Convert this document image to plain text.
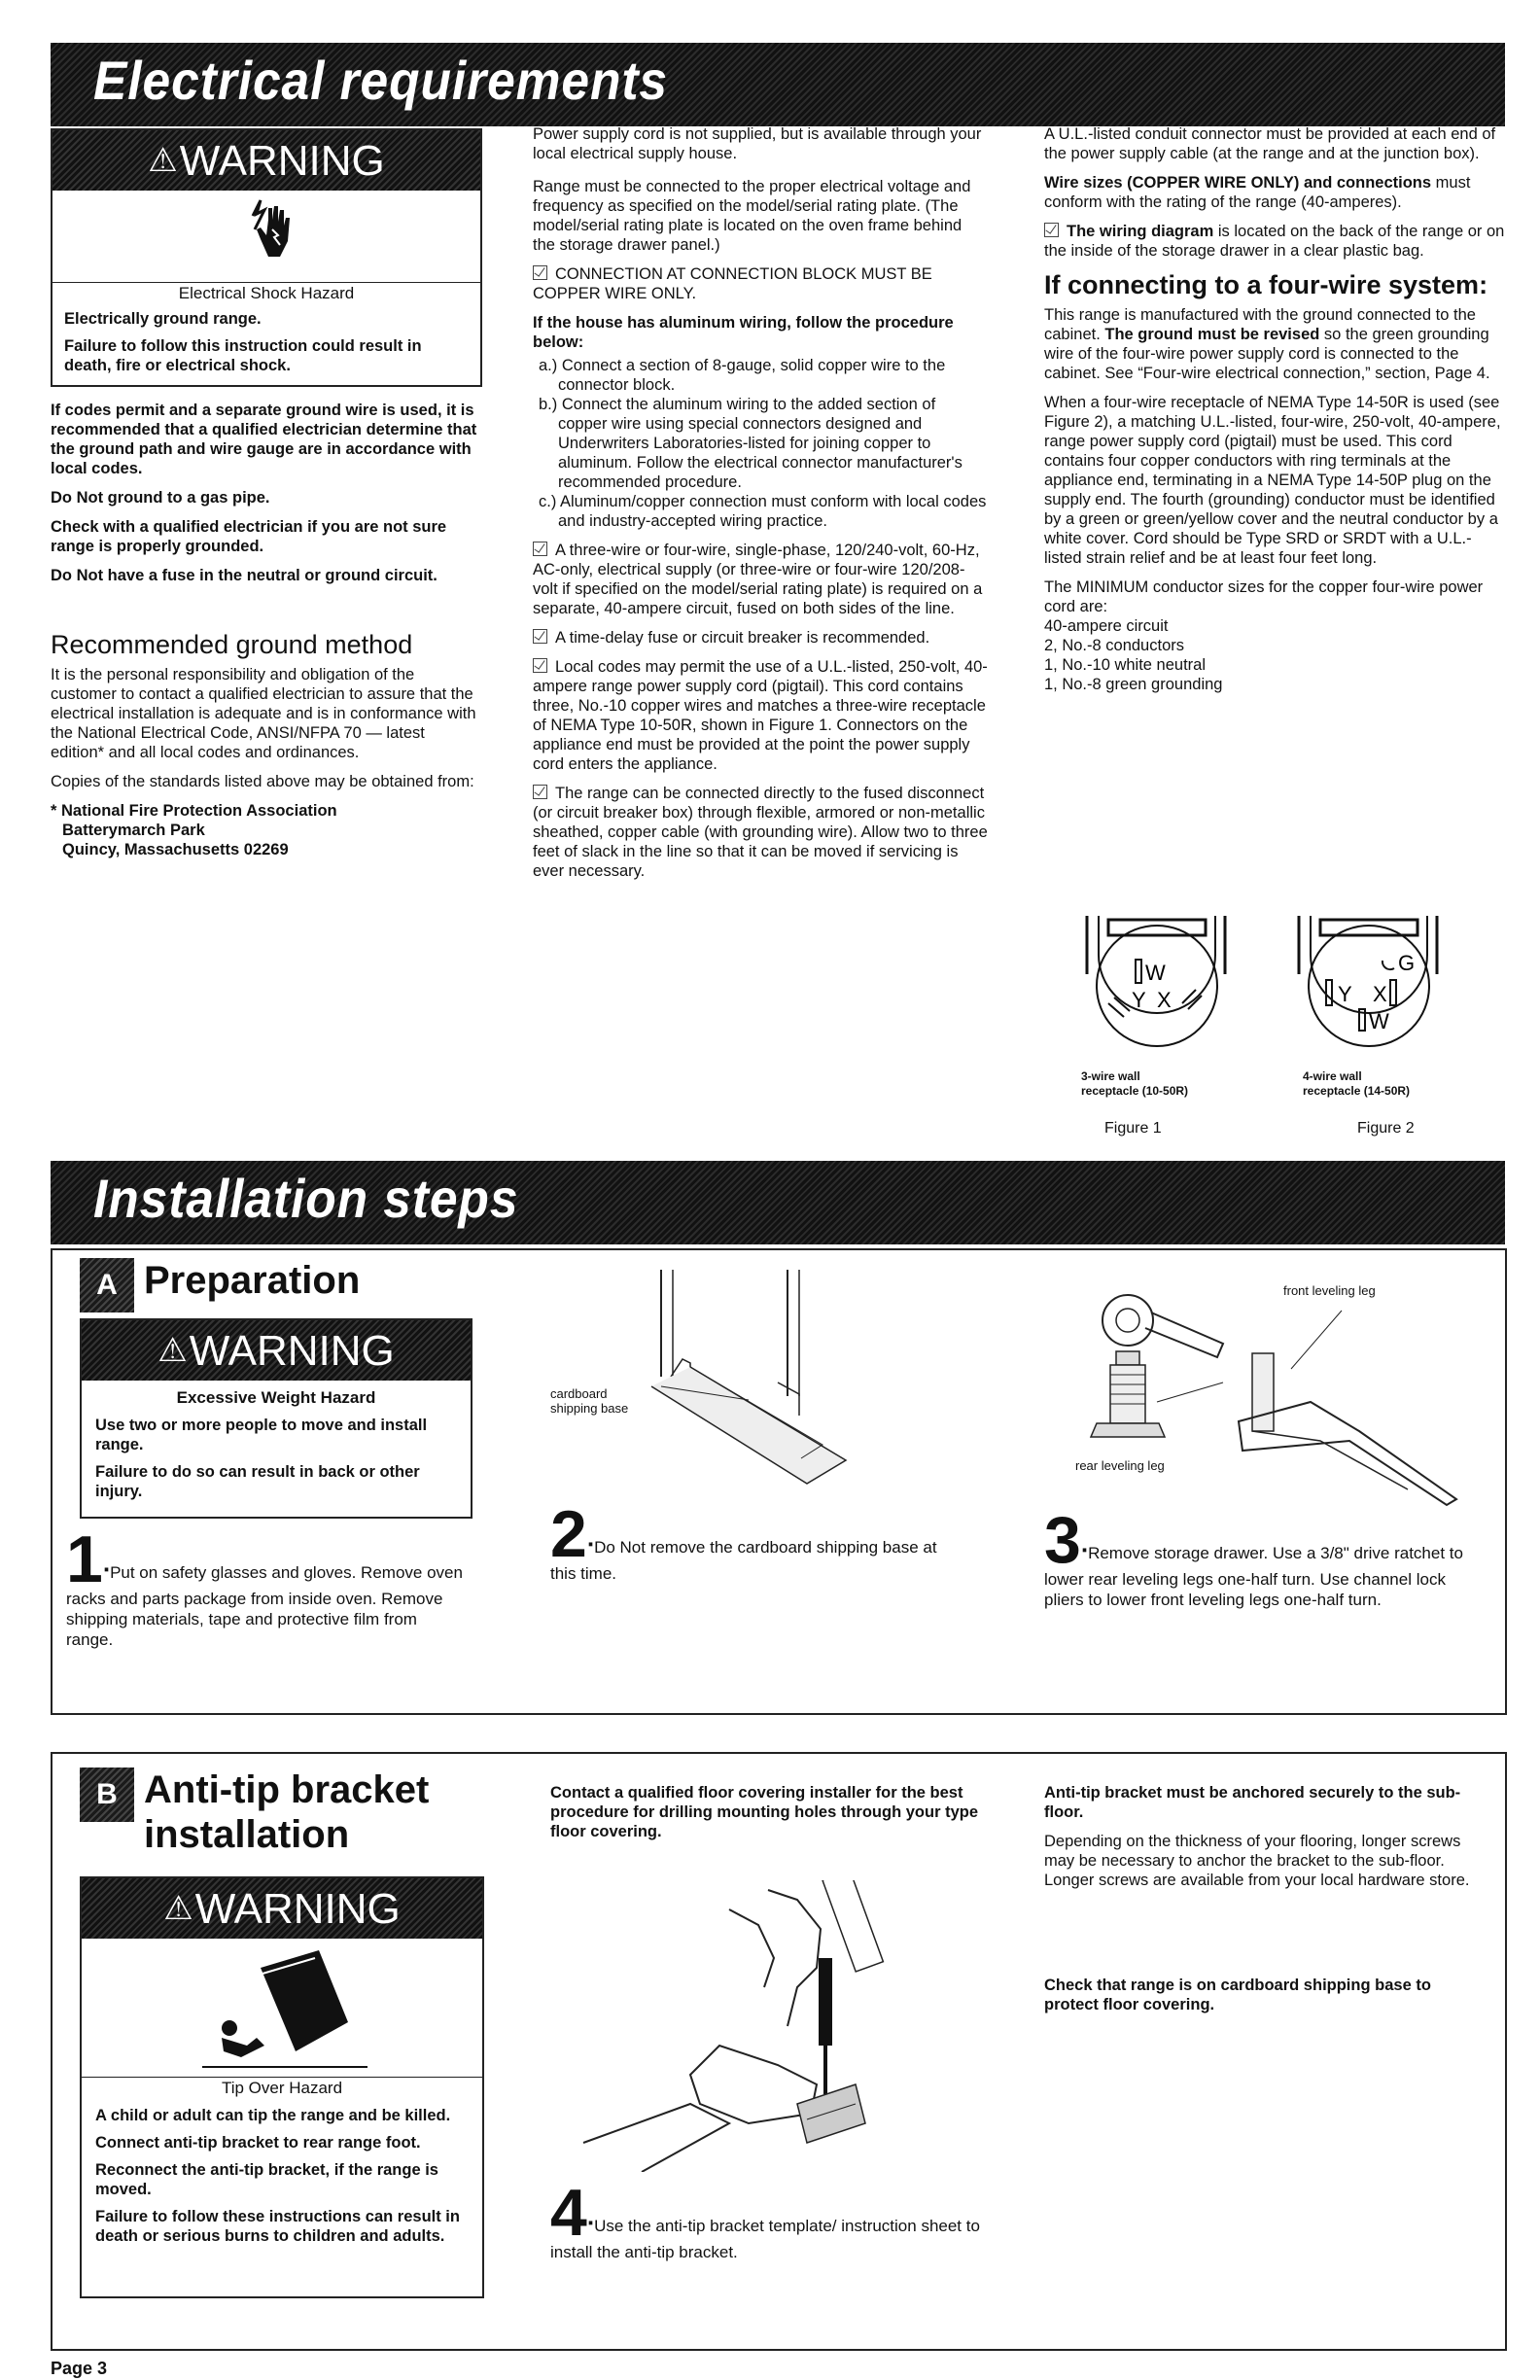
Electrical requirements
⚠WARNING
Electrical Shock Hazard

Electrically ground range.

Failure to follow this instruction could result in death, fire or electrical shock.

If codes permit and a separate ground wire is used, it is recommended that a qualified electrician determine that the ground path and wire gauge are in accordance with local codes.

Do Not ground to a gas pipe.

Check with a qualified electrician if you are not sure range is properly grounded.

Do Not have a fuse in the neutral or ground circuit.

Recommended ground method

It is the personal responsibility and obligation of the customer to contact a qualified electrician to assure that the electrical installation is adequate and is in conformance with the National Electrical Code, ANSI/NFPA 70 — latest edition* and all local codes and ordinances.

Copies of the standards listed above may be obtained from:

* National Fire Protection Association
Batterymarch Park
Quincy, Massachusetts 02269

Power supply cord is not supplied, but is available through your local electrical supply house.

Range must be connected to the proper electrical voltage and frequency as specified on the model/serial rating plate. (The model/serial rating plate is located on the oven frame behind the storage drawer panel.)

CONNECTION AT CONNECTION BLOCK MUST BE COPPER WIRE ONLY.

If the house has aluminum wiring, follow the procedure below:

a.) Connect a section of 8-gauge, solid copper wire to the connector block.
b.) Connect the aluminum wiring to the added section of copper wire using special connectors designed and Underwriters Laboratories-listed for joining copper to aluminum. Follow the electrical connector manufacturer's recommended procedure.
c.) Aluminum/copper connection must conform with local codes and industry-accepted wiring practice.

A three-wire or four-wire, single-phase, 120/240-volt, 60-Hz, AC-only, electrical supply (or three-wire or four-wire 120/208-volt if specified on the model/serial rating plate) is required on a separate, 40-ampere circuit, fused on both sides of the line.

A time-delay fuse or circuit breaker is recommended.

Local codes may permit the use of a U.L.-listed, 250-volt, 40-ampere range power supply cord (pigtail). This cord contains three, No.-10 copper wires and matches a three-wire receptacle of NEMA Type 10-50R, shown in Figure 1. Connectors on the appliance end must be provided at the point the power supply cord enters the appliance.

The range can be connected directly to the fused disconnect (or circuit breaker box) through flexible, armored or non-metallic sheathed, copper cable (with grounding wire). Allow two to three feet of slack in the line so that it can be moved if servicing is ever necessary.

A U.L.-listed conduit connector must be provided at each end of the power supply cable (at the range and at the junction box).

Wire sizes (COPPER WIRE ONLY) and connections must conform with the rating of the range (40-amperes).

The wiring diagram is located on the back of the range or on the inside of the storage drawer in a clear plastic bag.

If connecting to a four-wire system:

This range is manufactured with the ground connected to the cabinet. The ground must be revised so the green grounding wire of the four-wire power supply cord is connected to the cabinet. See “Four-wire electrical connection,” section, Page 4.

When a four-wire receptacle of NEMA Type 14-50R is used (see Figure 2), a matching U.L.-listed, four-wire, 250-volt, 40-ampere, range power supply cord (pigtail) must be used. This cord contains four copper conductors with ring terminals at the appliance end, terminating in a NEMA Type 14-50P plug on the supply end. The fourth (grounding) conductor must be identified by a green or green/yellow cover and the neutral conductor by a white cover. Cord should be Type SRD or SRDT with a U.L.-listed strain relief and be at least four feet long.

The MINIMUM conductor sizes for the copper four-wire power cord are:

40-ampere circuit
2, No.-8 conductors
1, No.-10 white neutral
1, No.-8 green grounding
W
Y X
3-wire wall
receptacle (10-50R)
Figure 1
G
Y X
W
4-wire wall
receptacle (14-50R)
Figure 2
Installation steps
A Preparation
⚠WARNING
Excessive Weight Hazard

Use two or more people to move and install range.

Failure to do so can result in back or other injury.

1∙Put on safety glasses and gloves. Remove oven racks and parts package from inside oven. Remove shipping materials, tape and protective film from range.
cardboard
shipping base
2∙Do Not remove the cardboard shipping base at this time.
front leveling leg
rear leveling leg
3∙Remove storage drawer. Use a 3/8" drive ratchet to lower rear leveling legs one-half turn. Use channel lock pliers to lower front leveling legs one-half turn.
B Anti-tip bracket
installation
⚠WARNING
Tip Over Hazard

A child or adult can tip the range and be killed.

Connect anti-tip bracket to rear range foot.

Reconnect the anti-tip bracket, if the range is moved.

Failure to follow these instructions can result in death or serious burns to children and adults.

Contact a qualified floor covering installer for the best procedure for drilling mounting holes through your type floor covering.
4∙Use the anti-tip bracket template/ instruction sheet to install the anti-tip bracket.

Anti-tip bracket must be anchored securely to the sub-floor.

Depending on the thickness of your flooring, longer screws may be necessary to anchor the bracket to the sub-floor. Longer screws are available from your local hardware store.

Check that range is on cardboard shipping base to protect floor covering.
Page 3
